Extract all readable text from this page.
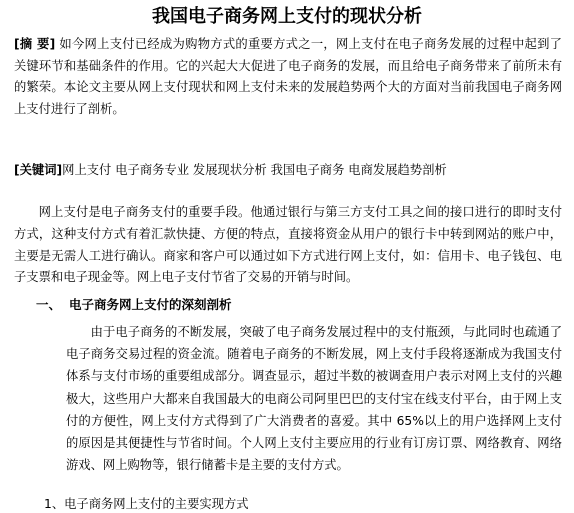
我国电子商务网上支付的现状分析
[摘 要] 如今网上支付已经成为购物方式的重要方式之一，网上支付在电子商务发展的过程中起到了关键环节和基础条件的作用。它的兴起大大促进了电子商务的发展，而且给电子商务带来了前所未有的繁荣。本论文主要从网上支付现状和网上支付未来的发展趋势两个大的方面对当前我国电子商务网上支付进行了剖析。
[关键词]网上支付 电子商务专业 发展现状分析 我国电子商务 电商发展趋势剖析
网上支付是电子商务支付的重要手段。他通过银行与第三方支付工具之间的接口进行的即时支付方式，这种支付方式有着汇款快捷、方便的特点，直接将资金从用户的银行卡中转到网站的账户中，主要是无需人工进行确认。商家和客户可以通过如下方式进行网上支付，如：信用卡、电子钱包、电子支票和电子现金等。网上电子支付节省了交易的开销与时间。
一、 电子商务网上支付的深刻剖析
由于电子商务的不断发展，突破了电子商务发展过程中的支付瓶颈，与此同时也疏通了电子商务交易过程的资金流。随着电子商务的不断发展，网上支付手段将逐渐成为我国支付体系与支付市场的重要组成部分。调查显示，超过半数的被调查用户表示对网上支付的兴趣极大，这些用户大都来自我国最大的电商公司阿里巴巴的支付宝在线支付平台，由于网上支付的方便性，网上支付方式得到了广大消费者的喜爱。其中 65%以上的用户选择网上支付的原因是其便捷性与节省时间。个人网上支付主要应用的行业有订房订票、网络教育、网络游戏、网上购物等，银行储蓄卡是主要的支付方式。
1、电子商务网上支付的主要实现方式
